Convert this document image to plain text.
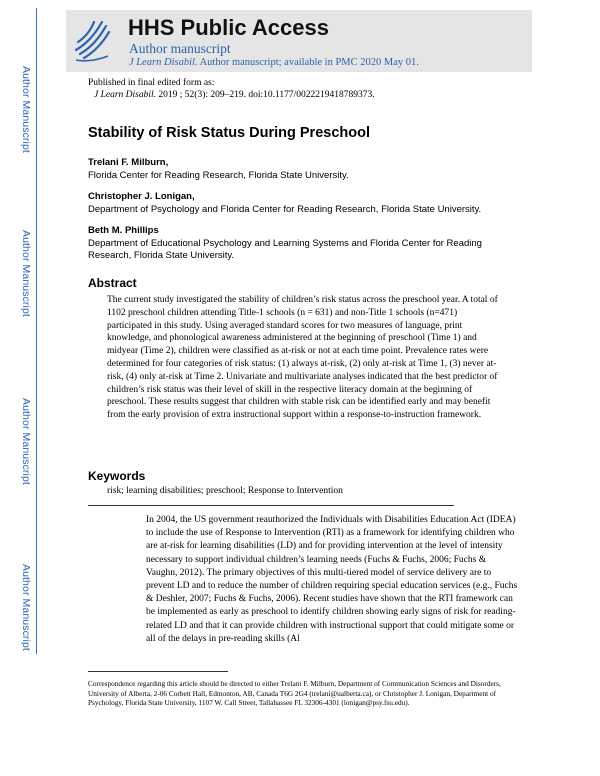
Author Manuscript
Author Manuscript
Author Manuscript
Author Manuscript
HHS Public Access
Author manuscript
J Learn Disabil. Author manuscript; available in PMC 2020 May 01.
Published in final edited form as:
J Learn Disabil. 2019 ; 52(3): 209–219. doi:10.1177/0022219418789373.
Stability of Risk Status During Preschool
Trelani F. Milburn,
Florida Center for Reading Research, Florida State University.
Christopher J. Lonigan,
Department of Psychology and Florida Center for Reading Research, Florida State University.
Beth M. Phillips
Department of Educational Psychology and Learning Systems and Florida Center for Reading Research, Florida State University.
Abstract
The current study investigated the stability of children’s risk status across the preschool year. A total of 1102 preschool children attending Title-1 schools (n = 631) and non-Title 1 schools (n=471) participated in this study. Using averaged standard scores for two measures of language, print knowledge, and phonological awareness administered at the beginning of preschool (Time 1) and midyear (Time 2), children were classified as at-risk or not at each time point. Prevalence rates were determined for four categories of risk status: (1) always at-risk, (2) only at-risk at Time 1, (3) never at-risk, (4) only at-risk at Time 2. Univariate and multivariate analyses indicated that the best predictor of children’s risk status was their level of skill in the respective literacy domain at the beginning of preschool. These results suggest that children with stable risk can be identified early and may benefit from the early provision of extra instructional support within a response-to-instruction framework.
Keywords
risk; learning disabilities; preschool; Response to Intervention
In 2004, the US government reauthorized the Individuals with Disabilities Education Act (IDEA) to include the use of Response to Intervention (RTI) as a framework for identifying children who are at-risk for learning disabilities (LD) and for providing intervention at the level of intensity necessary to support individual children’s learning needs (Fuchs & Fuchs, 2006; Fuchs & Vaughn, 2012). The primary objectives of this multi-tiered model of service delivery are to prevent LD and to reduce the number of children requiring special education services (e.g., Fuchs & Deshler, 2007; Fuchs & Fuchs, 2006). Recent studies have shown that the RTI framework can be implemented as early as preschool to identify children showing early signs of risk for reading-related LD and that it can provide children with instructional support that could mitigate some or all of the delays in pre-reading skills (Al
Correspondence regarding this article should be directed to either Trelani F. Milburn, Department of Communication Sciences and Disorders, University of Alberta, 2-06 Corbett Hall, Edmonton, AB, Canada T6G 2G4 (trelani@ualberta.ca), or Christopher J. Lonigan, Department of Psychology, Florida State University, 1107 W. Call Street, Tallahassee FL 32306-4301 (lonigan@psy.fsu.edu).
